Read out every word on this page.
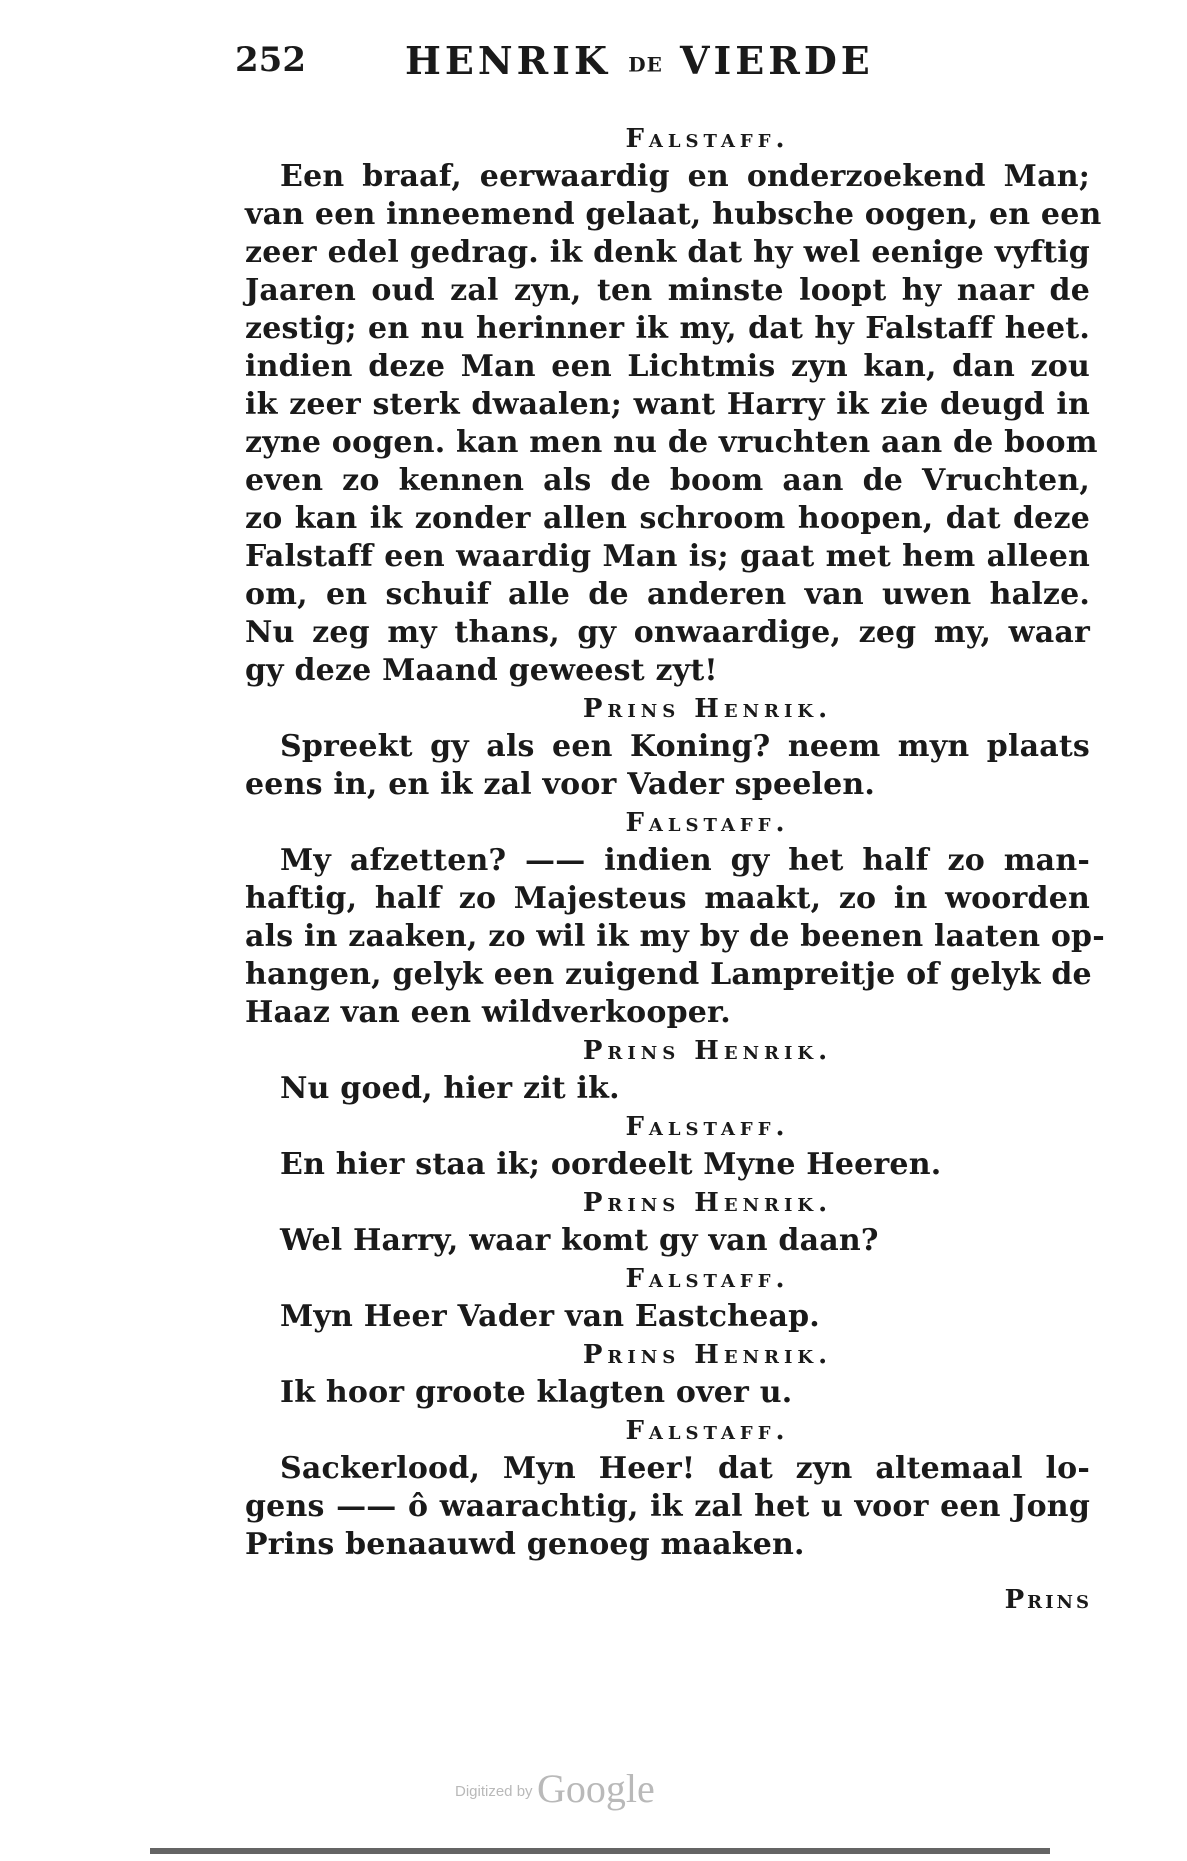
252	HENRIK DE VIERDE
Falstaff.
Een braaf, eerwaardig en onderzoekend Man;
van een inneemend gelaat, hubsche oogen, en een
zeer edel gedrag. ik denk dat hy wel eenige vyftig
Jaaren oud zal zyn, ten minste loopt hy naar de
zestig; en nu herinner ik my, dat hy Falstaff heet.
indien deze Man een Lichtmis zyn kan, dan zou
ik zeer sterk dwaalen; want Harry ik zie deugd in
zyne oogen. kan men nu de vruchten aan de boom
even zo kennen als de boom aan de Vruchten,
zo kan ik zonder allen schroom hoopen, dat deze
Falstaff een waardig Man is; gaat met hem alleen
om, en schuif alle de anderen van uwen halze.
Nu zeg my thans, gy onwaardige, zeg my, waar
gy deze Maand geweest zyt!
Prins Henrik.
Spreekt gy als een Koning? neem myn plaats
eens in, en ik zal voor Vader speelen.
Falstaff.
My afzetten? —— indien gy het half zo man-
haftig, half zo Majesteus maakt, zo in woorden
als in zaaken, zo wil ik my by de beenen laaten op-
hangen, gelyk een zuigend Lampreitje of gelyk de
Haaz van een wildverkooper.
Prins Henrik.
Nu goed, hier zit ik.
Falstaff.
En hier staa ik; oordeelt Myne Heeren.
Prins Henrik.
Wel Harry, waar komt gy van daan?
Falstaff.
Myn Heer Vader van Eastcheap.
Prins Henrik.
Ik hoor groote klagten over u.
Falstaff.
Sackerlood, Myn Heer! dat zyn altemaal lo-
gens —— ô waarachtig, ik zal het u voor een Jong
Prins benaauwd genoeg maaken.
Prins
Digitized by Google
